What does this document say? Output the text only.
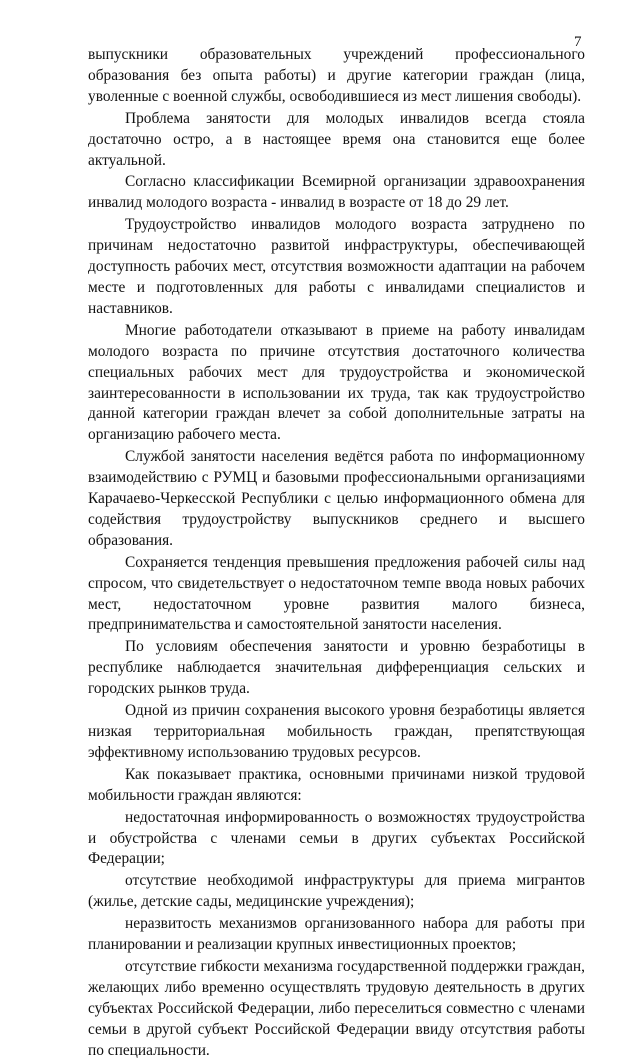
7

выпускники образовательных учреждений профессионального образования без опыта работы) и другие категории граждан (лица, уволенные с военной службы, освободившиеся из мест лишения свободы).

Проблема занятости для молодых инвалидов всегда стояла достаточно остро, а в настоящее время она становится еще более актуальной.

Согласно классификации Всемирной организации здравоохранения инвалид молодого возраста - инвалид в возрасте от 18 до 29 лет.

Трудоустройство инвалидов молодого возраста затруднено по причинам недостаточно развитой инфраструктуры, обеспечивающей доступность рабочих мест, отсутствия возможности адаптации на рабочем месте и подготовленных для работы с инвалидами специалистов и наставников.

Многие работодатели отказывают в приеме на работу инвалидам молодого возраста по причине отсутствия достаточного количества специальных рабочих мест для трудоустройства и экономической заинтересованности в использовании их труда, так как трудоустройство данной категории граждан влечет за собой дополнительные затраты на организацию рабочего места.

Службой занятости населения ведётся работа по информационному взаимодействию с РУМЦ и базовыми профессиональными организациями Карачаево-Черкесской Республики с целью информационного обмена для содействия трудоустройству выпускников среднего и высшего образования.

Сохраняется тенденция превышения предложения рабочей силы над спросом, что свидетельствует о недостаточном темпе ввода новых рабочих мест, недостаточном уровне развития малого бизнеса, предпринимательства и самостоятельной занятости населения.

По условиям обеспечения занятости и уровню безработицы в республике наблюдается значительная дифференциация сельских и городских рынков труда.

Одной из причин сохранения высокого уровня безработицы является низкая территориальная мобильность граждан, препятствующая эффективному использованию трудовых ресурсов.

Как показывает практика, основными причинами низкой трудовой мобильности граждан являются:

недостаточная информированность о возможностях трудоустройства и обустройства с членами семьи в других субъектах Российской Федерации;

отсутствие необходимой инфраструктуры для приема мигрантов (жилье, детские сады, медицинские учреждения);

неразвитость механизмов организованного набора для работы при планировании и реализации крупных инвестиционных проектов;

отсутствие гибкости механизма государственной поддержки граждан, желающих либо временно осуществлять трудовую деятельность в других субъектах Российской Федерации, либо переселиться совместно с членами семьи в другой субъект Российской Федерации ввиду отсутствия работы по специальности.
